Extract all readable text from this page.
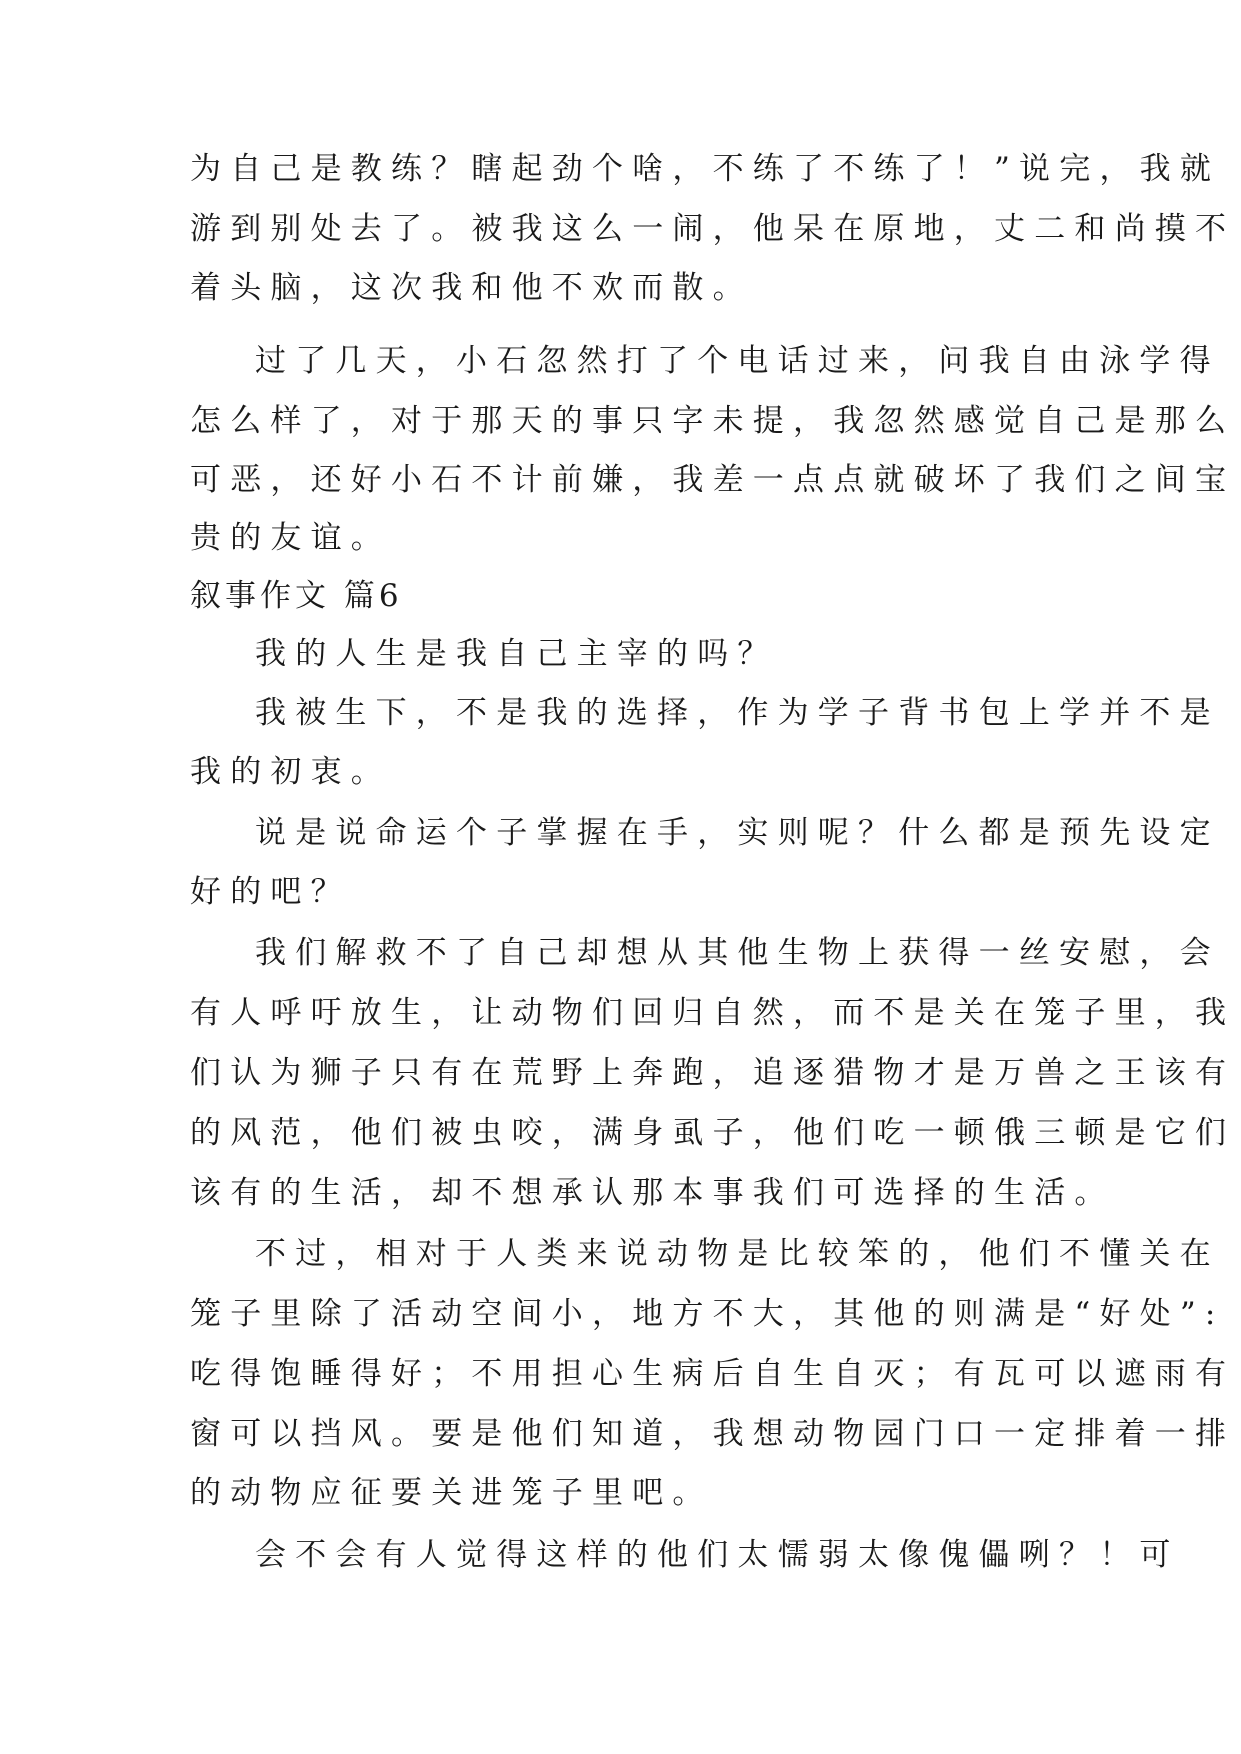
为自己是教练？瞎起劲个啥，不练了不练了！”说完，我就
游到别处去了。被我这么一闹，他呆在原地，丈二和尚摸不
着头脑，这次我和他不欢而散。
过了几天，小石忽然打了个电话过来，问我自由泳学得
怎么样了，对于那天的事只字未提，我忽然感觉自己是那么
可恶，还好小石不计前嫌，我差一点点就破坏了我们之间宝
贵的友谊。
叙事作文 篇6
我的人生是我自己主宰的吗？
我被生下，不是我的选择，作为学子背书包上学并不是
我的初衷。
说是说命运个子掌握在手，实则呢？什么都是预先设定
好的吧？
我们解救不了自己却想从其他生物上获得一丝安慰，会
有人呼吁放生，让动物们回归自然，而不是关在笼子里，我
们认为狮子只有在荒野上奔跑，追逐猎物才是万兽之王该有
的风范，他们被虫咬，满身虱子，他们吃一顿俄三顿是它们
该有的生活，却不想承认那本事我们可选择的生活。
不过，相对于人类来说动物是比较笨的，他们不懂关在
笼子里除了活动空间小，地方不大，其他的则满是“好处”:
吃得饱睡得好；不用担心生病后自生自灭；有瓦可以遮雨有
窗可以挡风。要是他们知道，我想动物园门口一定排着一排
的动物应征要关进笼子里吧。
会不会有人觉得这样的他们太懦弱太像傀儡咧？！可
